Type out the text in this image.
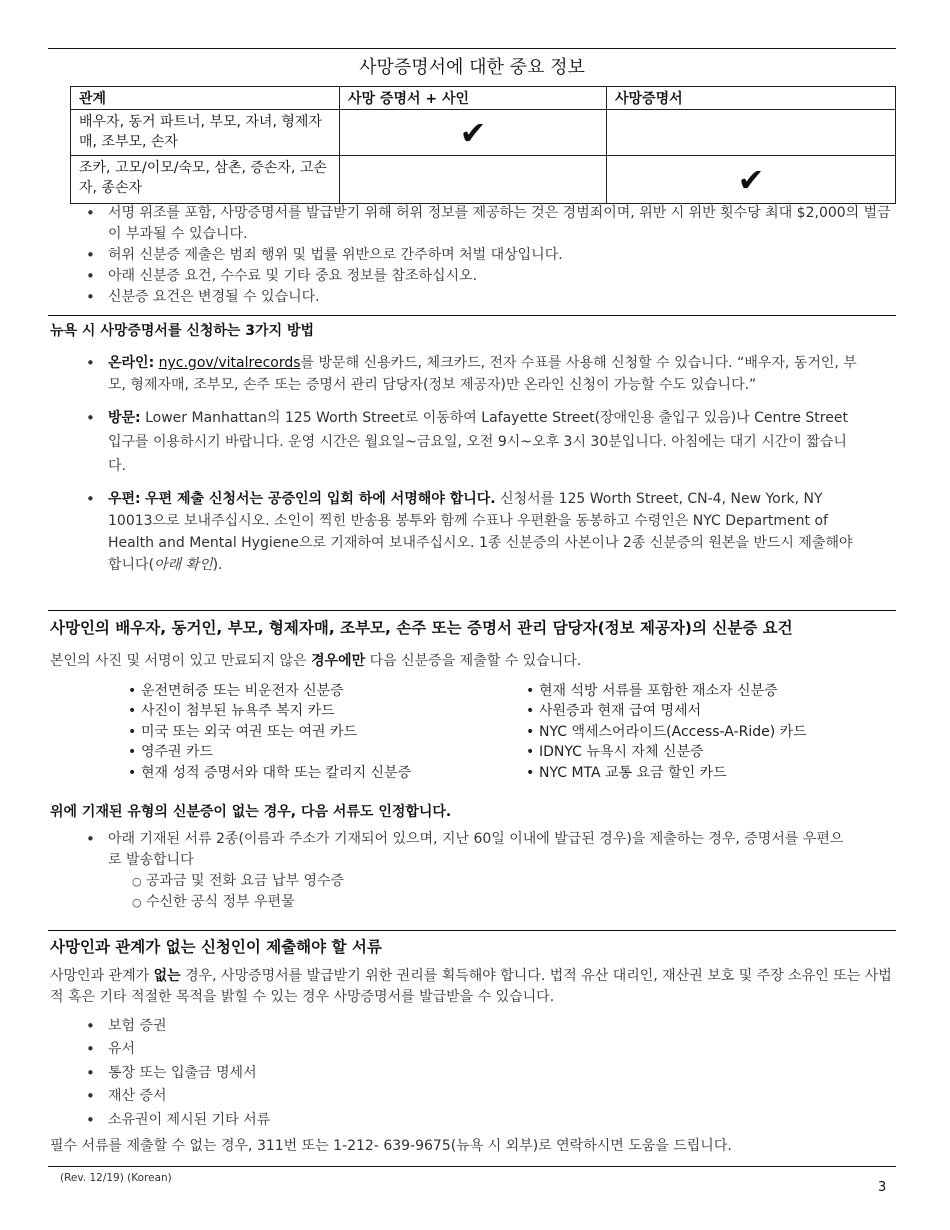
사망증명서에 대한 중요 정보
관계	사망 증명서 + 사인	사망증명서
배우자, 동거 파트너, 부모, 자녀, 형제자매, 조부모, 손자	✔	
조카, 고모/이모/숙모, 삼촌, 증손자, 고손자, 종손자		✔
• 서명 위조를 포함, 사망증명서를 발급받기 위해 허위 정보를 제공하는 것은 경범죄이며, 위반 시 위반 횟수당 최대 $2,000의 벌금이 부과될 수 있습니다.
• 허위 신분증 제출은 범죄 행위 및 법률 위반으로 간주하며 처벌 대상입니다.
• 아래 신분증 요건, 수수료 및 기타 중요 정보를 참조하십시오.
• 신분증 요건은 변경될 수 있습니다.
뉴욕 시 사망증명서를 신청하는 3가지 방법
• 온라인: nyc.gov/vitalrecords를 방문해 신용카드, 체크카드, 전자 수표를 사용해 신청할 수 있습니다. “배우자, 동거인, 부모, 형제자매, 조부모, 손주 또는 증명서 관리 담당자(정보 제공자)만 온라인 신청이 가능할 수도 있습니다.”
• 방문: Lower Manhattan의 125 Worth Street로 이동하여 Lafayette Street(장애인용 출입구 있음)나 Centre Street 입구를 이용하시기 바랍니다. 운영 시간은 월요일~금요일, 오전 9시~오후 3시 30분입니다. 아침에는 대기 시간이 짧습니다.
• 우편: 우편 제출 신청서는 공증인의 입회 하에 서명해야 합니다. 신청서를 125 Worth Street, CN-4, New York, NY 10013으로 보내주십시오. 소인이 찍힌 반송용 봉투와 함께 수표나 우편환을 동봉하고 수령인은 NYC Department of Health and Mental Hygiene으로 기재하여 보내주십시오. 1종 신분증의 사본이나 2종 신분증의 원본을 반드시 제출해야 합니다(아래 확인).
사망인의 배우자, 동거인, 부모, 형제자매, 조부모, 손주 또는 증명서 관리 담당자(정보 제공자)의 신분증 요건
본인의 사진 및 서명이 있고 만료되지 않은 경우에만 다음 신분증을 제출할 수 있습니다.
• 운전면허증 또는 비운전자 신분증
• 사진이 첨부된 뉴욕주 복지 카드
• 미국 또는 외국 여권 또는 여권 카드
• 영주권 카드
• 현재 성적 증명서와 대학 또는 칼리지 신분증
• 현재 석방 서류를 포함한 재소자 신분증
• 사원증과 현재 급여 명세서
• NYC 액세스어라이드(Access-A-Ride) 카드
• IDNYC 뉴욕시 자체 신분증
• NYC MTA 교통 요금 할인 카드
위에 기재된 유형의 신분증이 없는 경우, 다음 서류도 인정합니다.
• 아래 기재된 서류 2종(이름과 주소가 기재되어 있으며, 지난 60일 이내에 발급된 경우)을 제출하는 경우, 증명서를 우편으로 발송합니다
○ 공과금 및 전화 요금 납부 영수증
○ 수신한 공식 정부 우편물
사망인과 관계가 없는 신청인이 제출해야 할 서류
사망인과 관계가 없는 경우, 사망증명서를 발급받기 위한 권리를 획득해야 합니다. 법적 유산 대리인, 재산권 보호 및 주장 소유인 또는 사법적 혹은 기타 적절한 목적을 밝힐 수 있는 경우 사망증명서를 발급받을 수 있습니다.
• 보험 증권
• 유서
• 통장 또는 입출금 명세서
• 재산 증서
• 소유권이 제시된 기타 서류
필수 서류를 제출할 수 없는 경우, 311번 또는 1-212- 639-9675(뉴욕 시 외부)로 연락하시면 도움을 드립니다.
(Rev. 12/19) (Korean)
3
